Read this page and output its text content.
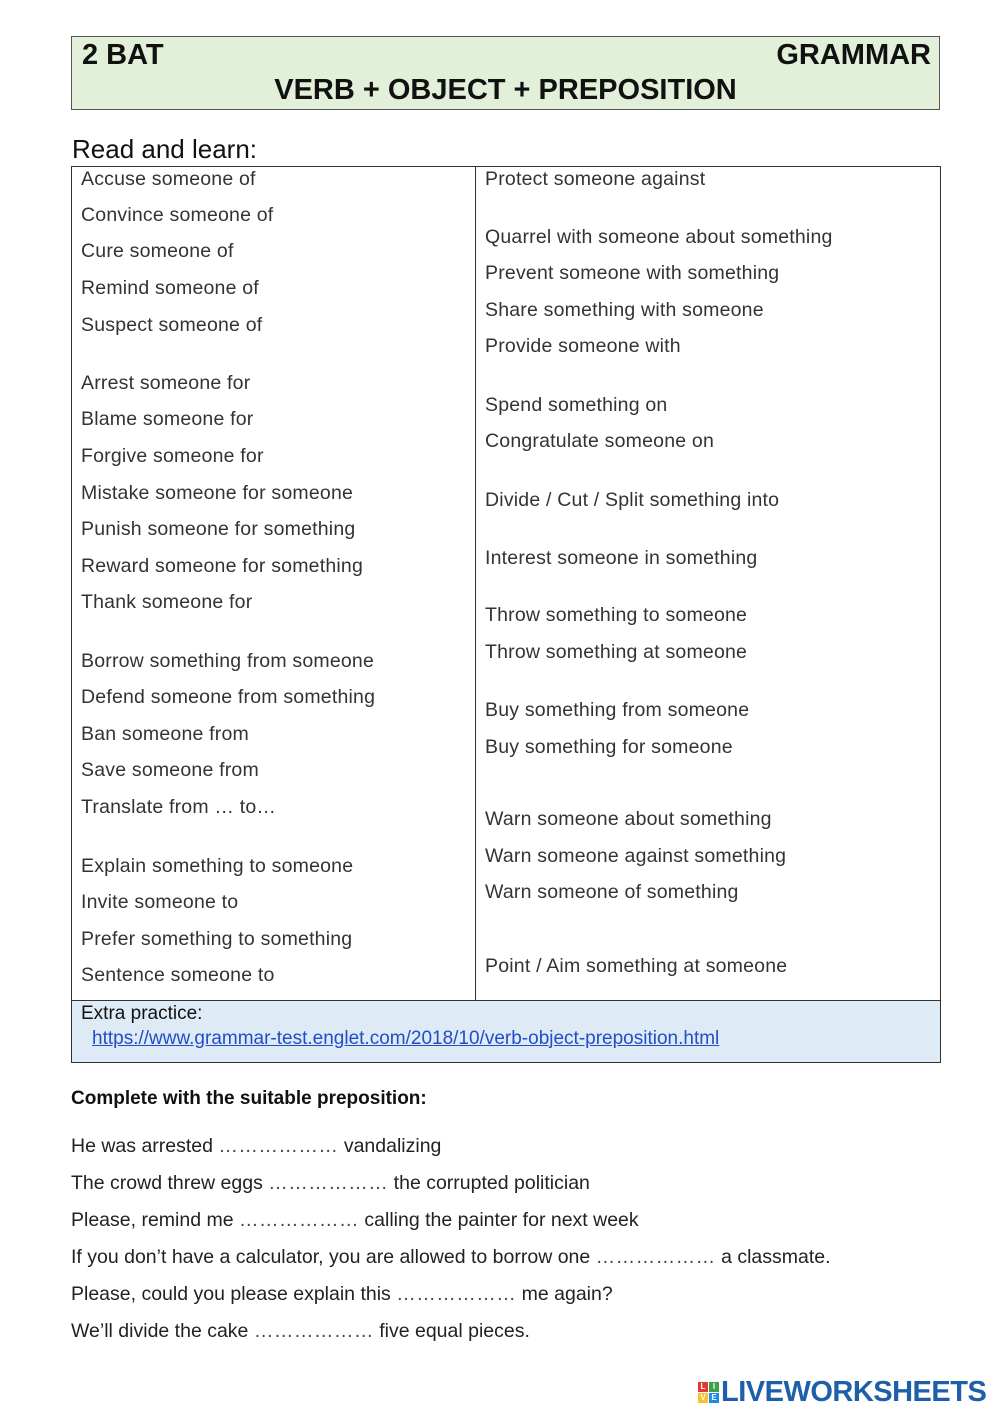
2 BAT	GRAMMAR
VERB + OBJECT + PREPOSITION
Read and learn:
Accuse someone of
Convince someone of
Cure someone of
Remind someone of
Suspect someone of
Arrest someone for
Blame someone for
Forgive someone for
Mistake someone for someone
Punish someone for something
Reward someone for something
Thank someone for
Borrow something from someone
Defend someone from something
Ban someone from
Save someone from
Translate from … to…
Explain something to someone
Invite someone to
Prefer something to something
Sentence someone to
Protect someone against
Quarrel with someone about something
Prevent someone with something
Share something with someone
Provide someone with
Spend something on
Congratulate someone on
Divide / Cut / Split something into
Interest someone in something
Throw something to someone
Throw something at someone
Buy something from someone
Buy something for someone
Warn someone about something
Warn someone against something
Warn someone of something
Point / Aim something at someone
Extra practice:
https://www.grammar-test.englet.com/2018/10/verb-object-preposition.html
Complete with the suitable preposition:
He was arrested ……………… vandalizing
The crowd threw eggs ……………… the corrupted politician
Please, remind me ……………… calling the painter for next week
If you don’t have a calculator, you are allowed to borrow one ……………… a classmate.
Please, could you please explain this ……………… me again?
We’ll divide the cake ……………… five equal pieces.
L I
V E LIVEWORKSHEETS
